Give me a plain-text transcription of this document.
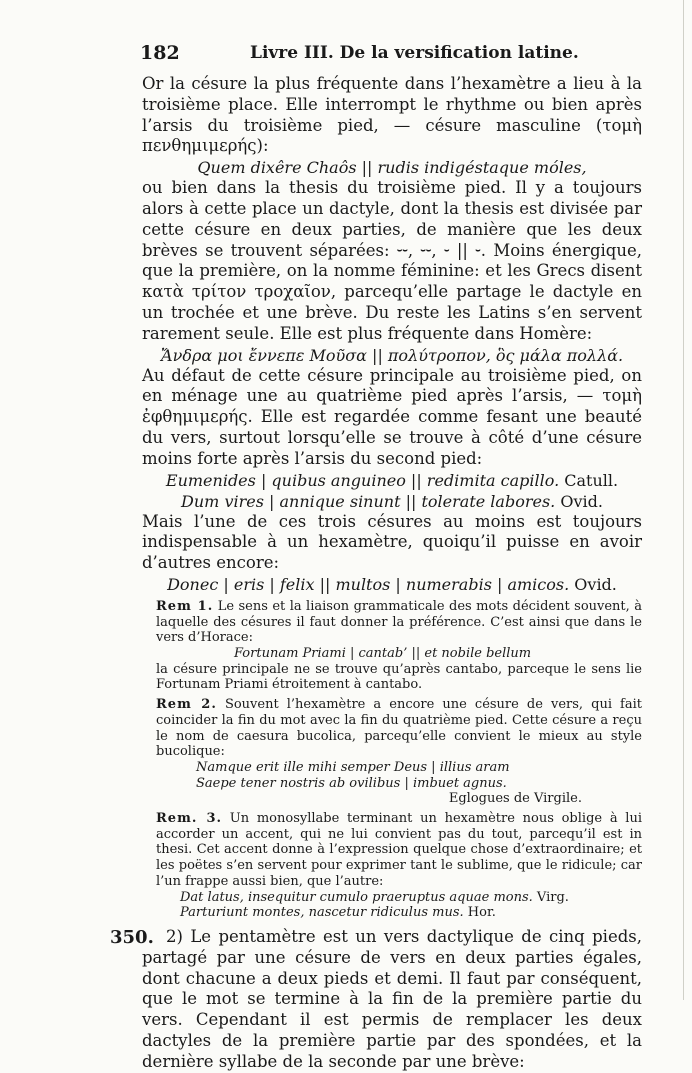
182	Livre III. De la versification latine.

Or la césure la plus fréquente dans l’hexamètre a lieu à la troisième place. Elle interrompt le rhythme ou bien après l’arsis du troisième pied, — césure masculine (τομὴ πενθημιμερής):

Quem dixêre Chaôs || rudis indigéstaque móles,

ou bien dans la thesis du troisième pied. Il y a toujours alors à cette place un dactyle, dont la thesis est divisée par cette césure en deux parties, de manière que les deux brèves se trouvent séparées: ⏑⏑, ⏑⏑, ⏑ || ⏑. Moins énergique, que la première, on la nomme féminine: et les Grecs disent κατὰ τρίτον τροχαῖον, parcequ’elle partage le dactyle en un trochée et une brève. Du reste les Latins s’en servent rarement seule. Elle est plus fréquente dans Homère:

Ἄνδρα μοι ἔννεπε Μοῦσα || πολύτροπον, ὃς μάλα πολλά.

Au défaut de cette césure principale au troisième pied, on en ménage une au quatrième pied après l’arsis, — τομὴ ἐφθημιμερής. Elle est regardée comme fesant une beauté du vers, surtout lorsqu’elle se trouve à côté d’une césure moins forte après l’arsis du second pied:

Eumenides | quibus anguineo || redimita capillo. Catull.

Dum vires | annique sinunt || tolerate labores. Ovid.

Mais l’une de ces trois césures au moins est toujours indispensable à un hexamètre, quoiqu’il puisse en avoir d’autres encore:

Donec | eris | felix || multos | numerabis | amicos. Ovid.

Rem 1. Le sens et la liaison grammaticale des mots décident souvent, à laquelle des césures il faut donner la préférence. C’est ainsi que dans le vers d’Horace:

Fortunam Priami | cantab’ || et nobile bellum

la césure principale ne se trouve qu’après cantabo, parceque le sens lie Fortunam Priami étroitement à cantabo.

Rem 2. Souvent l’hexamètre a encore une césure de vers, qui fait coincider la fin du mot avec la fin du quatrième pied. Cette césure a reçu le nom de caesura bucolica, parcequ’elle convient le mieux au style bucolique:

Namque erit ille mihi semper Deus | illius aram

Saepe tener nostris ab ovilibus | imbuet agnus.

Eglogues de Virgile.

Rem. 3. Un monosyllabe terminant un hexamètre nous oblige à lui accorder un accent, qui ne lui convient pas du tout, parcequ’il est in thesi. Cet accent donne à l’expression quelque chose d’extraordinaire; et les poëtes s’en servent pour exprimer tant le sublime, que le ridicule; car l’un frappe aussi bien, que l’autre:

Dat latus, insequitur cumulo praeruptus aquae mons. Virg.

Parturiunt montes, nascetur ridiculus mus. Hor.

350. 2) Le pentamètre est un vers dactylique de cinq pieds, partagé par une césure de vers en deux parties égales, dont chacune a deux pieds et demi. Il faut par conséquent, que le mot se termine à la fin de la première partie du vers. Cependant il est permis de remplacer les deux dactyles de la première partie par des spondées, et la dernière syllabe de la seconde par une brève:
